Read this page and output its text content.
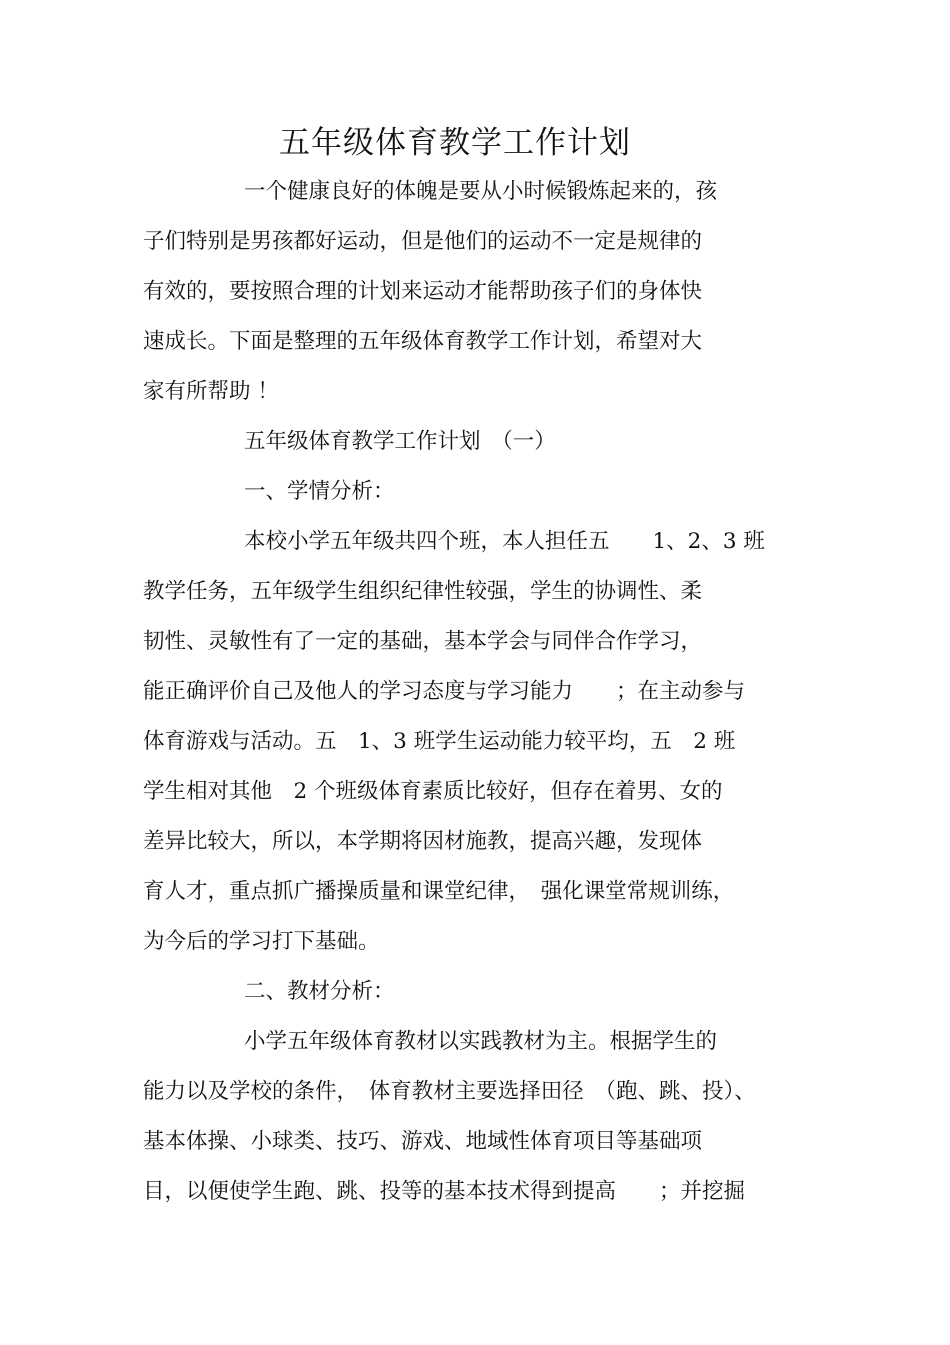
五年级体育教学工作计划
一个健康良好的体魄是要从小时候锻炼起来的，孩
子们特别是男孩都好运动，但是他们的运动不一定是规律的
有效的，要按照合理的计划来运动才能帮助孩子们的身体快
速成长。下面是整理的五年级体育教学工作计划，希望对大
家有所帮助 ！
五年级体育教学工作计划　（一）
一、学情分析：
本校小学五年级共四个班，本人担任五　　1、2、3 班
教学任务，五年级学生组织纪律性较强，学生的协调性、柔
韧性、灵敏性有了一定的基础，基本学会与同伴合作学习，
能正确评价自己及他人的学习态度与学习能力　　；在主动参与
体育游戏与活动。五　1、3 班学生运动能力较平均，五　2 班
学生相对其他　2 个班级体育素质比较好，但存在着男、女的
差异比较大，所以，本学期将因材施教，提高兴趣，发现体
育人才，重点抓广播操质量和课堂纪律，　强化课堂常规训练，
为今后的学习打下基础。
二、教材分析：
小学五年级体育教材以实践教材为主。根据学生的
能力以及学校的条件，　体育教材主要选择田径　（跑、跳、投）、
基本体操、小球类、技巧、游戏、地域性体育项目等基础项
目，以便使学生跑、跳、投等的基本技术得到提高　　；并挖掘
